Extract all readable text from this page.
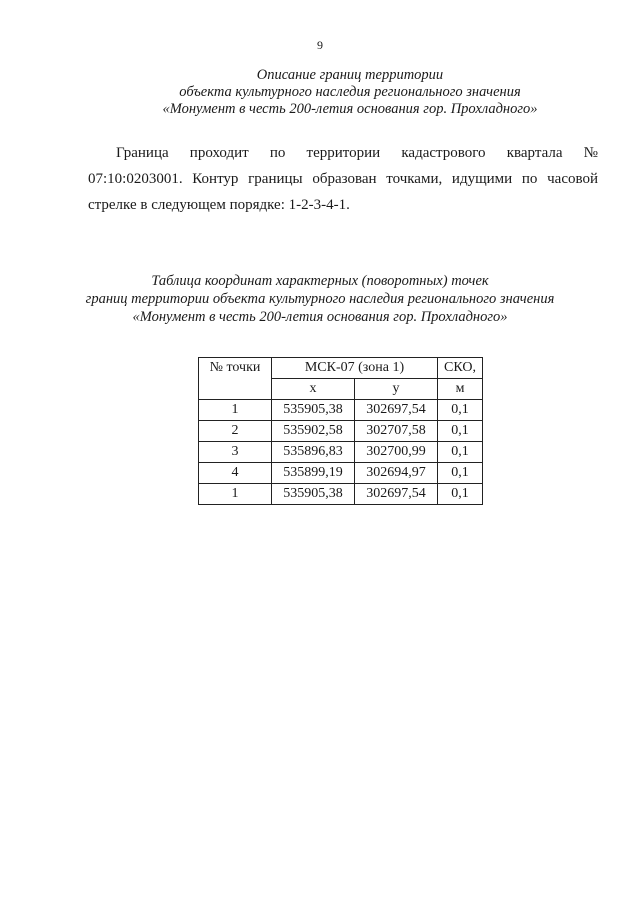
9
Описание границ территории
объекта культурного наследия регионального значения
«Монумент в честь 200-летия основания гор. Прохладного»
Граница проходит по территории кадастрового квартала №
07:10:0203001. Контур границы образован точками, идущими по часовой
стрелке в следующем порядке: 1-2-3-4-1.
Таблица координат характерных (поворотных) точек
границ территории объекта культурного наследия регионального значения
«Монумент в честь 200-летия основания гор. Прохладного»
№ точки	МСК-07 (зона 1)		СКО,
	x	y	м
1	535905,38	302697,54	0,1
2	535902,58	302707,58	0,1
3	535896,83	302700,99	0,1
4	535899,19	302694,97	0,1
1	535905,38	302697,54	0,1
